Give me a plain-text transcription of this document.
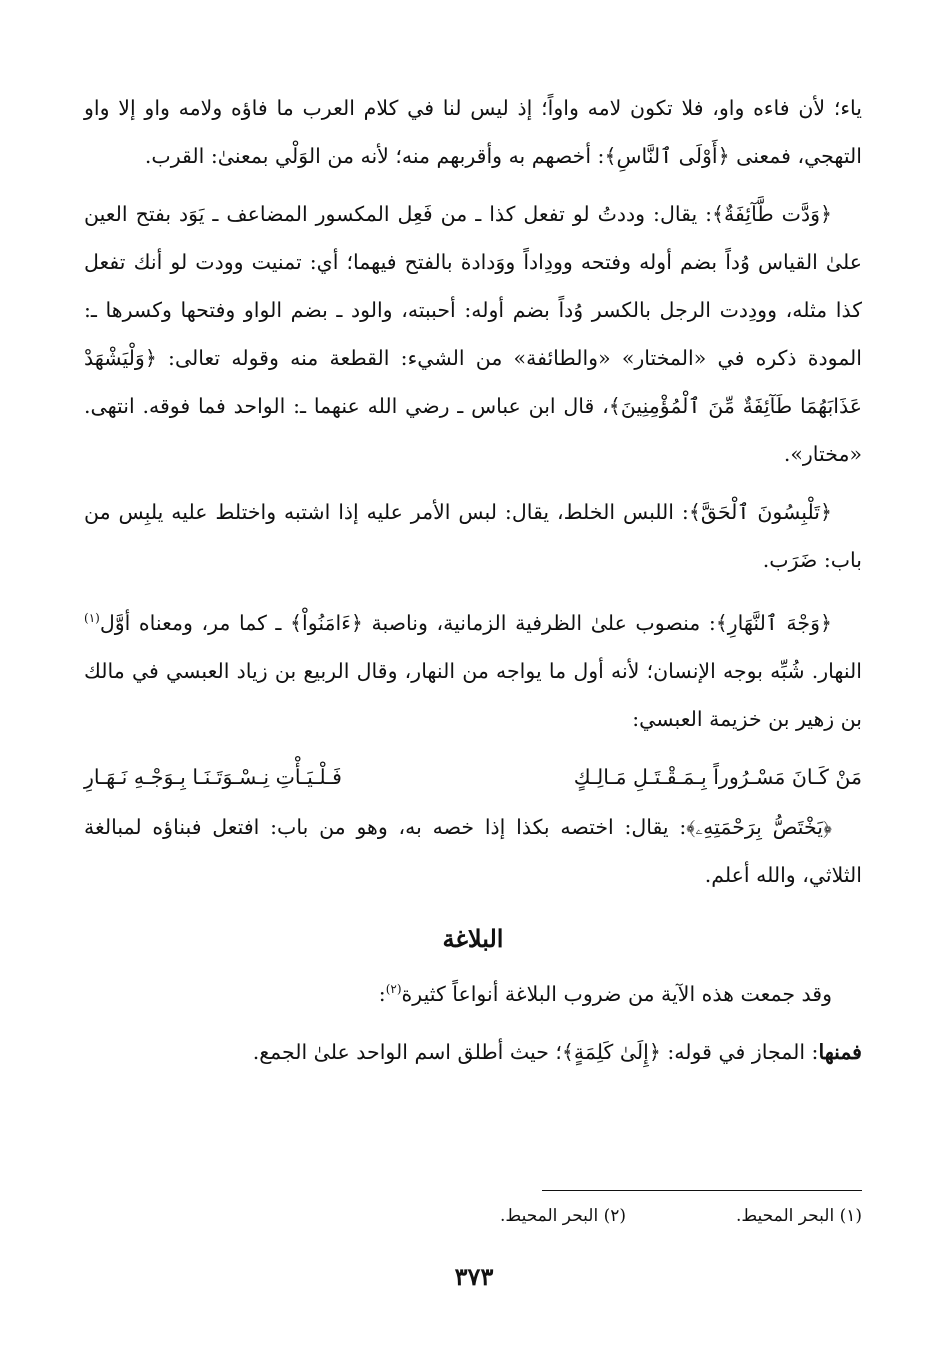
ياء؛ لأن فاءه واو، فلا تكون لامه واواً؛ إذ ليس لنا في كلام العرب ما فاؤه ولامه واو إلا واو التهجي، فمعنى ﴿أَوْلَى ٱلنَّاسِ﴾: أخصهم به وأقربهم منه؛ لأنه من الوَلْي بمعنىٰ: القرب.

﴿وَدَّت طَّآئِفَةٌ﴾: يقال: وددتُ لو تفعل كذا ـ من فَعِل المكسور المضاعف ـ يَوَد بفتح العين علىٰ القياس وُداً بضم أوله وفتحه وودِاداً ووَدادة بالفتح فيهما؛ أي: تمنيت وودت لو أنك تفعل كذا مثله، وودِدت الرجل بالكسر وُداً بضم أوله: أحببته، والود ـ بضم الواو وفتحها وكسرها ـ: المودة ذكره في «المختار» «والطائفة» من الشيء: القطعة منه وقوله تعالى: ﴿وَلْيَشْهَدْ عَذَابَهُمَا طَآئِفَةٌ مِّنَ ٱلْمُؤْمِنِينَ﴾، قال ابن عباس ـ رضي الله عنهما ـ: الواحد فما فوقه. انتهى. «مختار».

﴿تَلْبِسُونَ ٱلْحَقَّ﴾: اللبس الخلط، يقال: لبس الأمر عليه إذا اشتبه واختلط عليه يلبِس من باب: ضَرَب.

﴿وَجْهَ ٱلنَّهَارِ﴾: منصوب علىٰ الظرفية الزمانية، وناصبة ﴿ءَامَنُواْ﴾ ـ كما مر، ومعناه أوَّل$^{(١)}$ النهار. شُبِّه بوجه الإنسان؛ لأنه أول ما يواجه من النهار، وقال الربيع بن زياد العبسي في مالك بن زهير بن خزيمة العبسي:

مَنْ كَـانَ مَسْـرُوراً بِـمَـقْـتَـلِ مَـالِـكٍ
فَـلْـيَـأْتِ نِـسْـوَتَـنَـا بِـوَجْـهِ نَـهَـارِ

﴿يَخْتَصُّ بِرَحْمَتِهِۦ﴾: يقال: اختصه بكذا إذا خصه به، وهو من باب: افتعل فبناؤه لمبالغة الثلاثي، والله أعلم.

البلاغة

وقد جمعت هذه الآية من ضروب البلاغة أنواعاً كثيرة$^{(٢)}$:

فمنها: المجاز في قوله: ﴿إِلَىٰ كَلِمَةٍ﴾؛ حيث أطلق اسم الواحد علىٰ الجمع.

(١) البحر المحيط.
(٢) البحر المحيط.
٣٧٣
